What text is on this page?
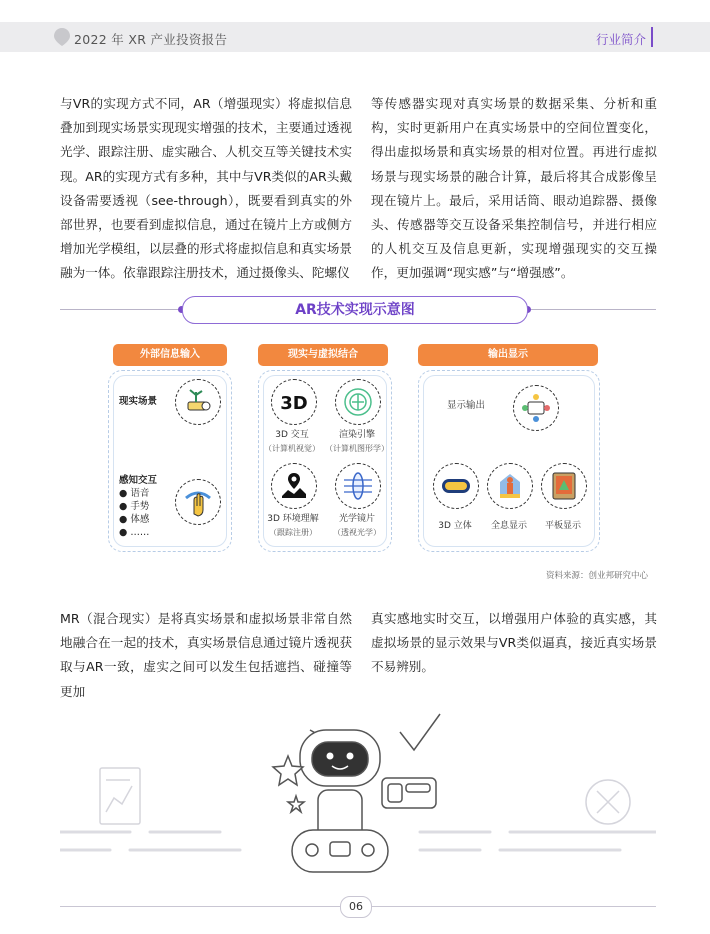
2022 年 XR 产业投资报告	行业简介

与VR的实现方式不同，AR（增强现实）将虚拟信息叠加到现实场景实现现实增强的技术，主要通过透视光学、跟踪注册、虚实融合、人机交互等关键技术实现。AR的实现方式有多种，其中与VR类似的AR头戴设备需要透视（see-through），既要看到真实的外部世界，也要看到虚拟信息，通过在镜片上方或侧方增加光学模组，以层叠的形式将虚拟信息和真实场景融为一体。依靠跟踪注册技术，通过摄像头、陀螺仪

等传感器实现对真实场景的数据采集、分析和重构，实时更新用户在真实场景中的空间位置变化，得出虚拟场景和真实场景的相对位置。再进行虚拟场景与现实场景的融合计算，最后将其合成影像呈现在镜片上。最后，采用话筒、眼动追踪器、摄像头、传感器等交互设备采集控制信号，并进行相应的人机交互及信息更新，实现增强现实的交互操作，更加强调“现实感”与“增强感”。

AR技术实现示意图
外部信息输入	现实与虚拟结合	输出显示
现实场景
感知交互
● 语音
● 手势
● 体感
● ……
3D
3D 交互
（计算机视觉）
渲染引擎
（计算机图形学）
3D 环境理解
（跟踪注册）
光学镜片
（透视光学）
显示输出
3D 立体	全息显示	平板显示
资料来源：创业邦研究中心

MR（混合现实）是将真实场景和虚拟场景非常自然地融合在一起的技术，真实场景信息通过镜片透视获取与AR一致，虚实之间可以发生包括遮挡、碰撞等更加

真实感地实时交互，以增强用户体验的真实感，其虚拟场景的显示效果与VR类似逼真，接近真实场景不易辨别。

06
